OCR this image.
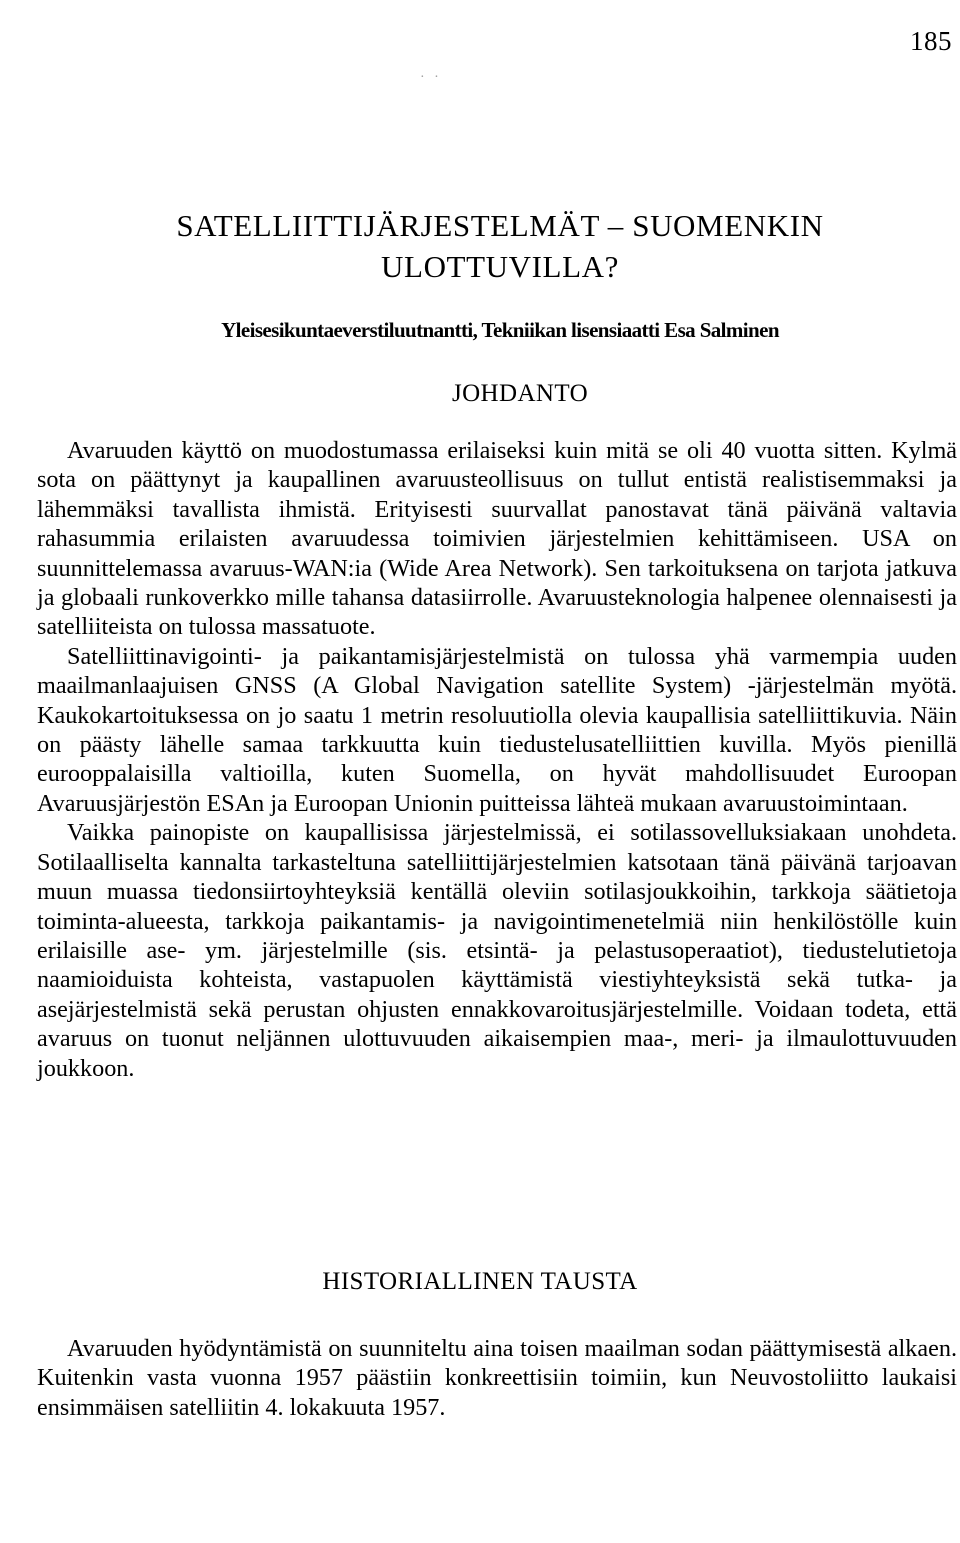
185
· ·
SATELLIITTIJÄRJESTELMÄT – SUOMENKIN ULOTTUVILLA?
Yleisesikuntaeverstiluutnantti, Tekniikan lisensiaatti Esa Salminen
JOHDANTO

Avaruuden käyttö on muodostumassa erilaiseksi kuin mitä se oli 40 vuotta sitten. Kylmä sota on päättynyt ja kaupallinen avaruusteollisuus on tullut entistä realistisemmaksi ja lähemmäksi tavallista ihmistä. Erityisesti suurvallat panostavat tänä päivänä valtavia rahasummia erilaisten avaruudessa toimivien järjestelmien kehittämiseen. USA on suunnittelemassa avaruus-WAN:ia (Wide Area Network). Sen tarkoituksena on tarjota jatkuva ja globaali runkoverkko mille tahansa datasiirrolle. Avaruusteknologia halpenee olennaisesti ja satelliiteista on tulossa massatuote.

Satelliittinavigointi- ja paikantamisjärjestelmistä on tulossa yhä varmempia uuden maailmanlaajuisen GNSS (A Global Navigation satellite System) -järjestelmän myötä. Kaukokartoituksessa on jo saatu 1 metrin resoluutiolla olevia kaupallisia satelliittikuvia. Näin on päästy lähelle samaa tarkkuutta kuin tiedustelusatelliittien kuvilla. Myös pienillä eurooppalaisilla valtioilla, kuten Suomella, on hyvät mahdollisuudet Euroopan Avaruusjärjestön ESAn ja Euroopan Unionin puitteissa lähteä mukaan avaruustoimintaan.

Vaikka painopiste on kaupallisissa järjestelmissä, ei sotilassovelluksiakaan unohdeta. Sotilaalliselta kannalta tarkasteltuna satelliittijärjestelmien katsotaan tänä päivänä tarjoavan muun muassa tiedonsiirtoyhteyksiä kentällä oleviin sotilasjoukkoihin, tarkkoja säätietoja toiminta-alueesta, tarkkoja paikantamis- ja navigointimenetelmiä niin henkilöstölle kuin erilaisille ase- ym. järjestelmille (sis. etsintä- ja pelastusoperaatiot), tiedustelutietoja naamioiduista kohteista, vastapuolen käyttämistä viestiyhteyksistä sekä tutka- ja asejärjestelmistä sekä perustan ohjusten ennakkovaroitusjärjestelmille. Voidaan todeta, että avaruus on tuonut neljännen ulottuvuuden aikaisempien maa-, meri- ja ilmaulottuvuuden joukkoon.

HISTORIALLINEN TAUSTA

Avaruuden hyödyntämistä on suunniteltu aina toisen maailman sodan päättymisestä alkaen. Kuitenkin vasta vuonna 1957 päästiin konkreettisiin toimiin, kun Neuvostoliitto laukaisi ensimmäisen satelliitin 4. lokakuuta 1957.
